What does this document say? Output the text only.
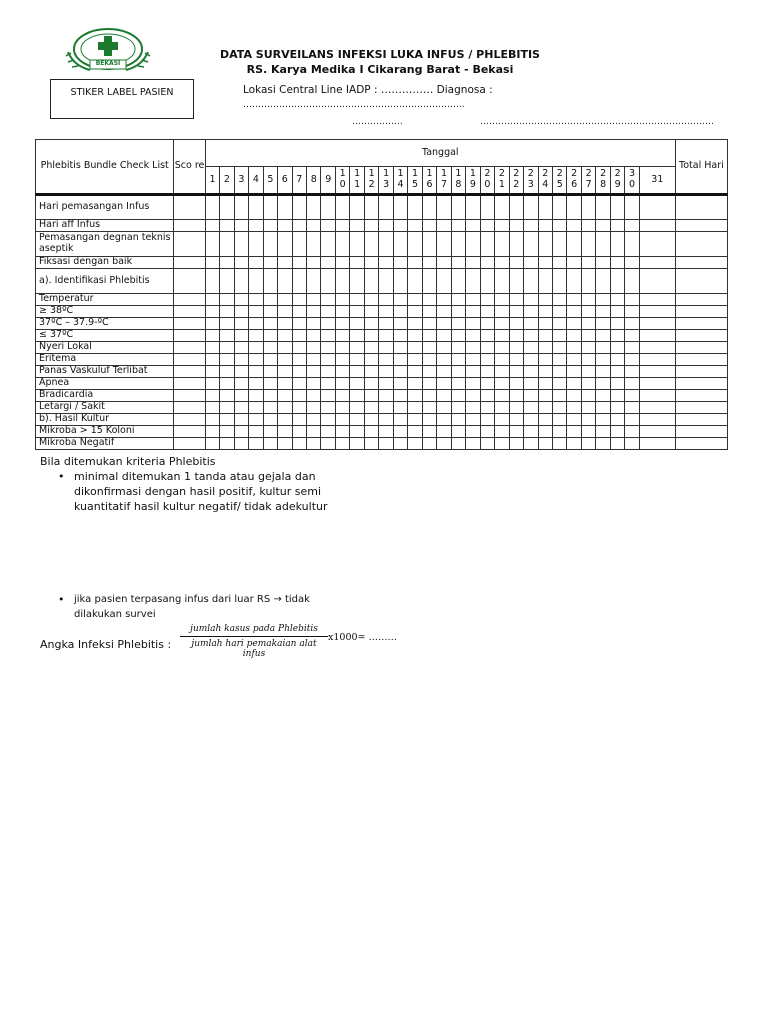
BEKASI
DATA SURVEILANS INFEKSI LUKA INFUS / PHLEBITIS
RS. Karya Medika I Cikarang Barat - Bekasi
STIKER LABEL PASIEN	Lokasi Central Line IADP : …………… Diagnosa :
………………………………………………………………..
……………..	……………………………………………………………………
Phlebitis Bundle Check List	Sco re	Tanggal																															Total Hari
		1	2	3	4	5	6	7	8	9	1 0	1 1	1 2	1 3	1 4	1 5	1 6	1 7	1 8	1 9	2 0	2 1	2 2	2 3	2 4	2 5	2 6	2 7	2 8	2 9	3 0	31	
Hari pemasangan Infus																																	
Hari aff Infus																																	
Pemasangan degnan teknis aseptik																																	
Fiksasi dengan baik																																	
a). Identifikasi Phlebitis																																	
Temperatur																																	
≥ 38ºC																																	
37ºC – 37.9-ºC																																	
≤ 37ºC																																	
Nyeri Lokal																																	
Eritema																																	
Panas Vaskuluf Terlibat																																	
Apnea																																	
Bradicardia																																	
Letargi / Sakit																																	
b). Hasil Kultur																																	
Mikroba > 15 Koloni																																	
Mikroba Negatif																																	
Bila ditemukan kriteria Phlebitis
• minimal ditemukan 1 tanda atau gejala dan dikonfirmasi dengan hasil positif, kultur semi kuantitatif hasil kultur negatif/ tidak adekultur
• jika pasien terpasang infus dari luar RS → tidak
dilakukan survei
Angka Infeksi Phlebitis :
jumlah kasus pada Phlebitis
jumlah hari pemakaian alat infus
x1000= ………
